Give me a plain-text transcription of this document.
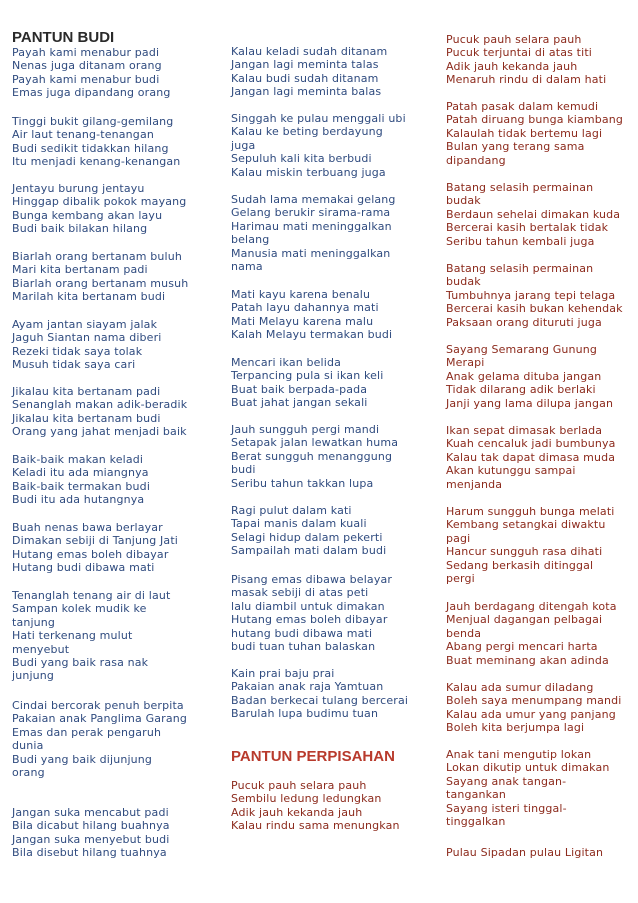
PANTUN BUDI
Payah kami menabur padi
Nenas juga ditanam orang
Payah kami menabur budi
Emas juga dipandang orang
Tinggi bukit gilang-gemilang
Air laut tenang-tenangan
Budi sedikit tidakkan hilang
Itu menjadi kenang-kenangan
Jentayu burung jentayu
Hinggap dibalik pokok mayang
Bunga kembang akan layu
Budi baik bilakan hilang
Biarlah orang bertanam buluh
Mari kita bertanam padi
Biarlah orang bertanam musuh
Marilah kita bertanam budi
Ayam jantan siayam jalak
Jaguh Siantan nama diberi
Rezeki tidak saya tolak
Musuh tidak saya cari
Jikalau kita bertanam padi
Senanglah makan adik-beradik
Jikalau kita bertanam budi
Orang yang jahat menjadi baik
Baik-baik makan keladi
Keladi itu ada miangnya
Baik-baik termakan budi
Budi itu ada hutangnya
Buah nenas bawa berlayar
Dimakan sebiji di Tanjung Jati
Hutang emas boleh dibayar
Hutang budi dibawa mati
Tenanglah tenang air di laut
Sampan kolek mudik ke
tanjung
Hati terkenang mulut
menyebut
Budi yang baik rasa nak
junjung
Cindai bercorak penuh berpita
Pakaian anak Panglima Garang
Emas dan perak pengaruh
dunia
Budi yang baik dijunjung
orang
Jangan suka mencabut padi
Bila dicabut hilang buahnya
Jangan suka menyebut budi
Bila disebut hilang tuahnya
Kalau keladi sudah ditanam
Jangan lagi meminta talas
Kalau budi sudah ditanam
Jangan lagi meminta balas
Singgah ke pulau menggali ubi
Kalau ke beting berdayung
juga
Sepuluh kali kita berbudi
Kalau miskin terbuang juga
Sudah lama memakai gelang
Gelang berukir sirama-rama
Harimau mati meninggalkan
belang
Manusia mati meninggalkan
nama
Mati kayu karena benalu
Patah layu dahannya mati
Mati Melayu karena malu
Kalah Melayu termakan budi
Mencari ikan belida
Terpancing pula si ikan keli
Buat baik berpada-pada
Buat jahat jangan sekali
Jauh sungguh pergi mandi
Setapak jalan lewatkan huma
Berat sungguh menanggung
budi
Seribu tahun takkan lupa
Ragi pulut dalam kati
Tapai manis dalam kuali
Selagi hidup dalam pekerti
Sampailah mati dalam budi
Pisang emas dibawa belayar
masak sebiji di atas peti
lalu diambil untuk dimakan
Hutang emas boleh dibayar
hutang budi dibawa mati
budi tuan tuhan balaskan
Kain prai baju prai
Pakaian anak raja Yamtuan
Badan berkecai tulang bercerai
Barulah lupa budimu tuan
PANTUN PERPISAHAN
Pucuk pauh selara pauh
Sembilu ledung ledungkan
Adik jauh kekanda jauh
Kalau rindu sama menungkan
Pucuk pauh selara pauh
Pucuk terjuntai di atas titi
Adik jauh kekanda jauh
Menaruh rindu di dalam hati
Patah pasak dalam kemudi
Patah diruang bunga kiambang
Kalaulah tidak bertemu lagi
Bulan yang terang sama
dipandang
Batang selasih permainan
budak
Berdaun sehelai dimakan kuda
Bercerai kasih bertalak tidak
Seribu tahun kembali juga
Batang selasih permainan
budak
Tumbuhnya jarang tepi telaga
Bercerai kasih bukan kehendak
Paksaan orang dituruti juga
Sayang Semarang Gunung
Merapi
Anak gelama dituba jangan
Tidak dilarang adik berlaki
Janji yang lama dilupa jangan
Ikan sepat dimasak berlada
Kuah cencaluk jadi bumbunya
Kalau tak dapat dimasa muda
Akan kutunggu sampai
menjanda
Harum sungguh bunga melati
Kembang setangkai diwaktu
pagi
Hancur sungguh rasa dihati
Sedang berkasih ditinggal
pergi
Jauh berdagang ditengah kota
Menjual dagangan pelbagai
benda
Abang pergi mencari harta
Buat meminang akan adinda
Kalau ada sumur diladang
Boleh saya menumpang mandi
Kalau ada umur yang panjang
Boleh kita berjumpa lagi
Anak tani mengutip lokan
Lokan dikutip untuk dimakan
Sayang anak tangan-
tangankan
Sayang isteri tinggal-
tinggalkan
Pulau Sipadan pulau Ligitan
